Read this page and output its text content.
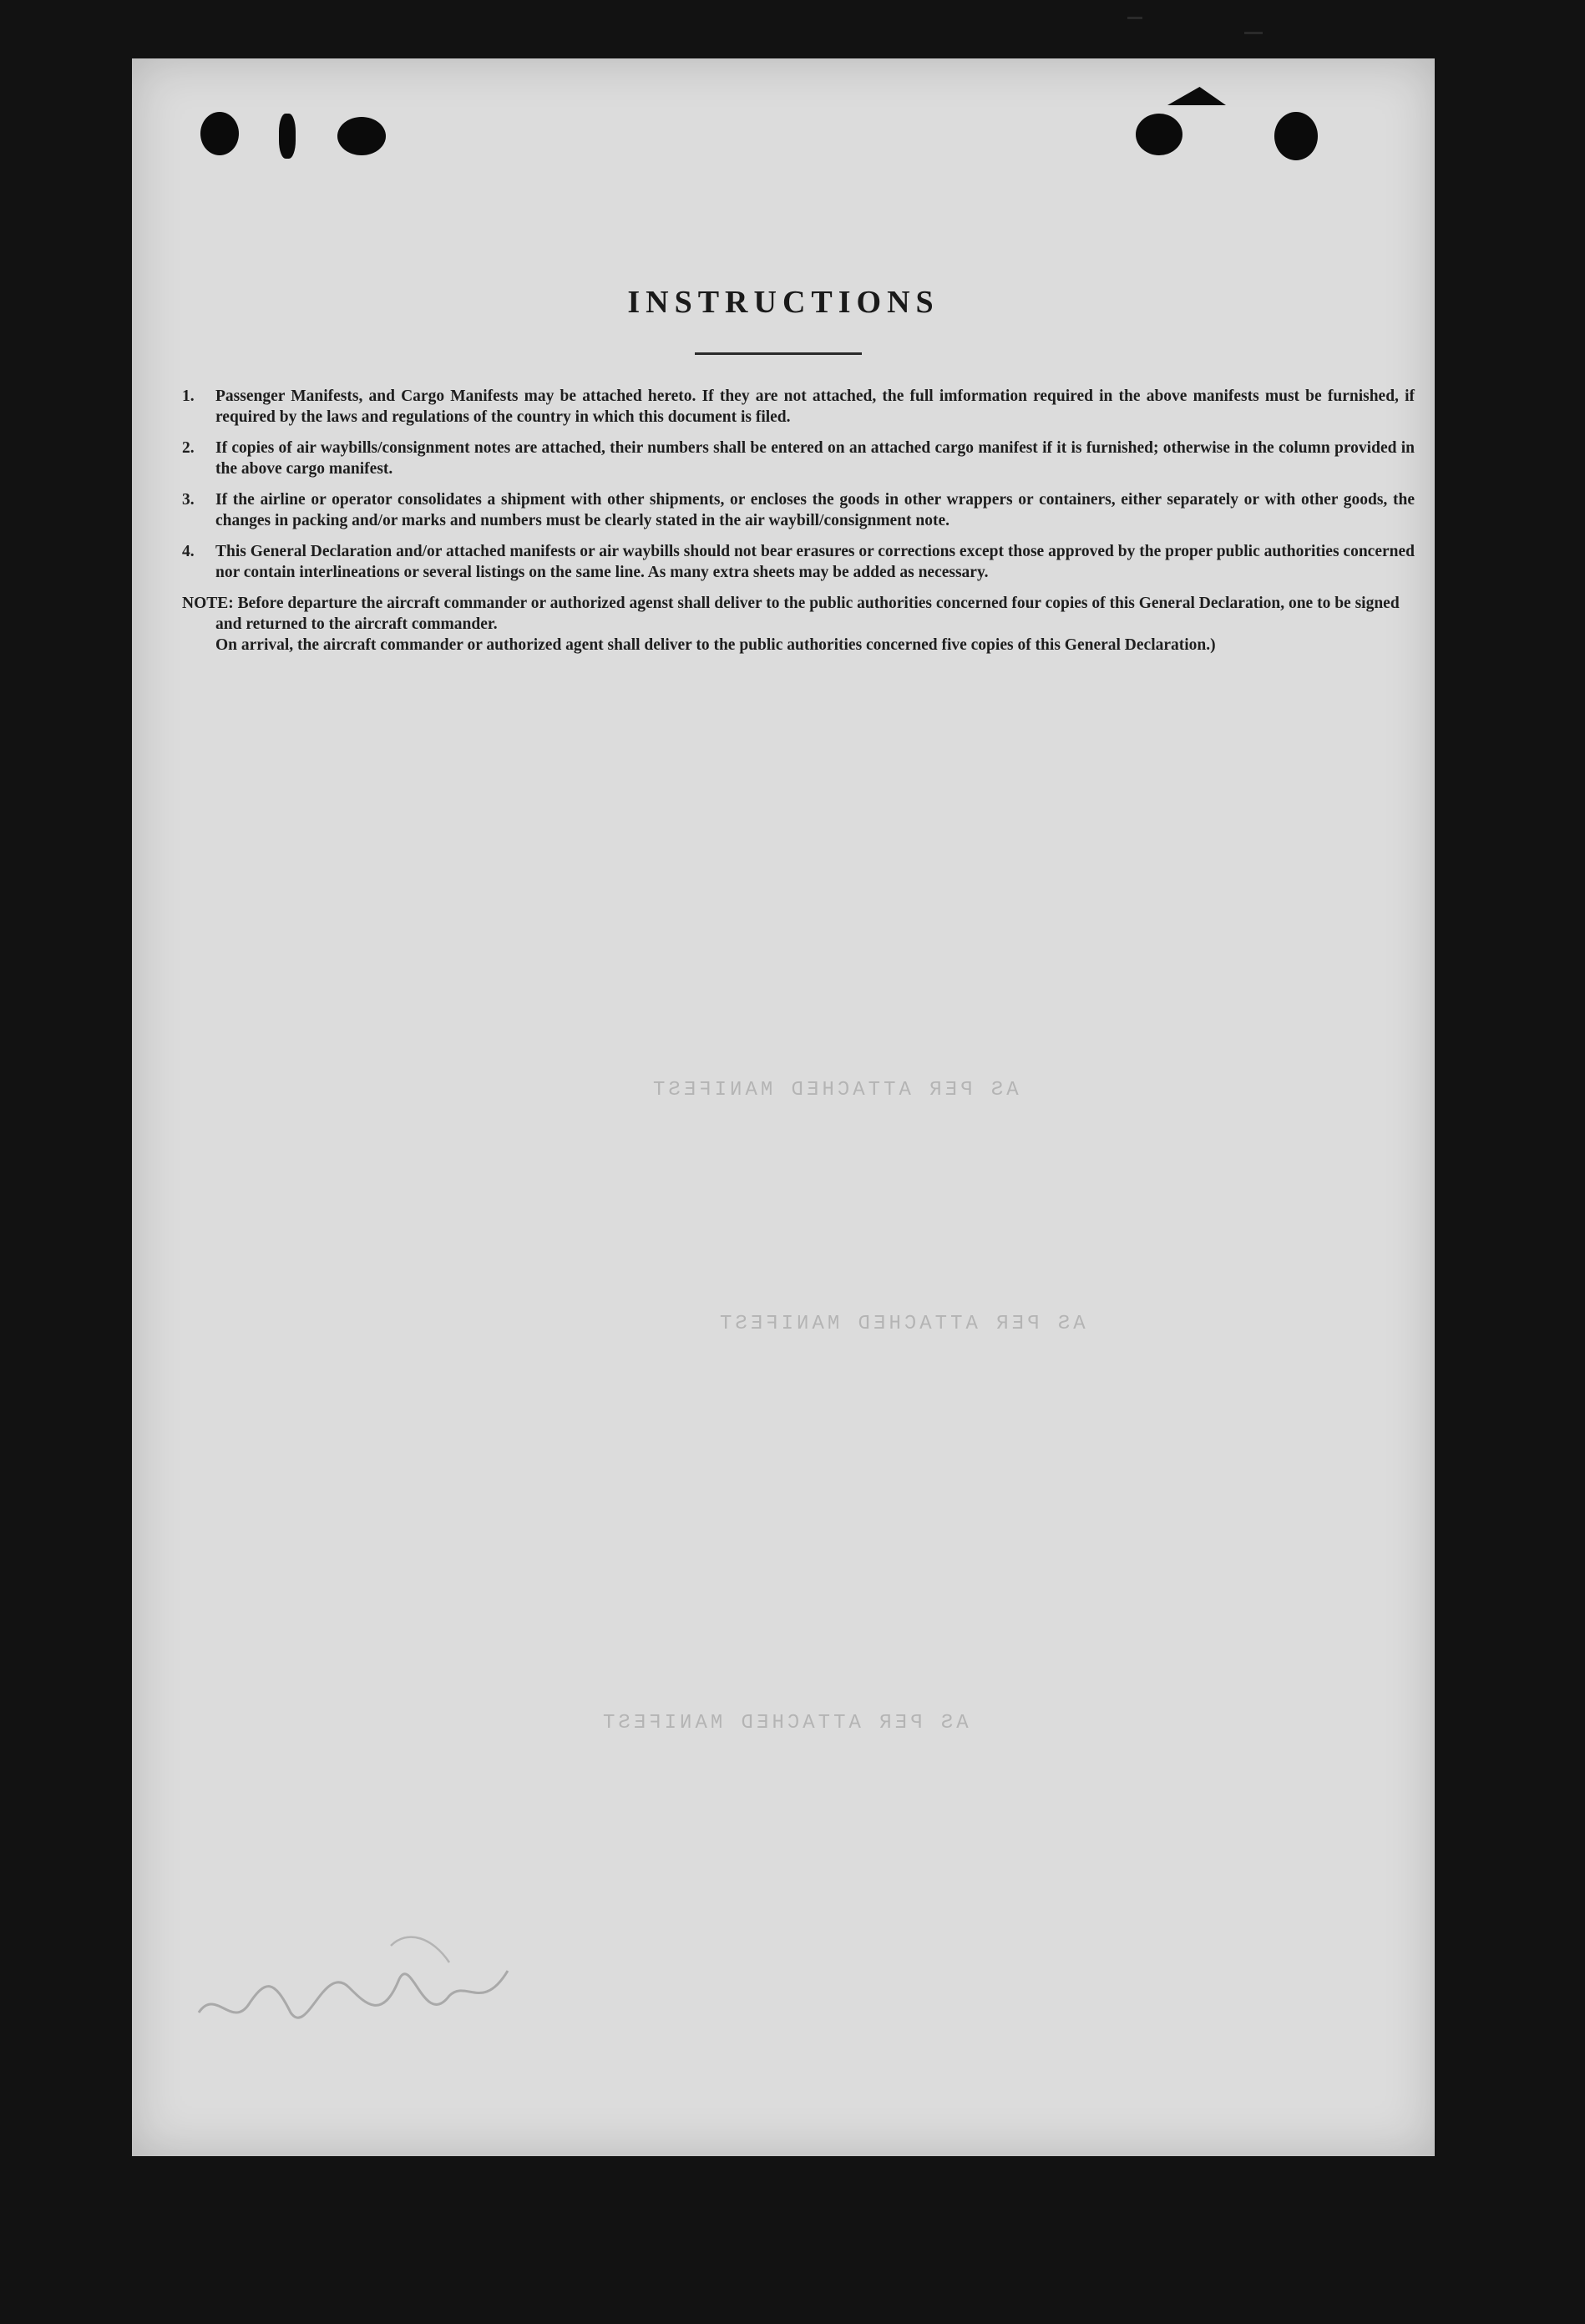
AS PER ATTACHED MANIFEST
AS PER ATTACHED MANIFEST
AS PER ATTACHED MANIFEST
INSTRUCTIONS
1.	Passenger Manifests, and Cargo Manifests may be attached hereto. If they are not attached, the full imformation required in the above manifests must be furnished, if required by the laws and regulations of the country in which this document is filed.
2.	If copies of air waybills/consignment notes are attached, their numbers shall be entered on an attached cargo manifest if it is furnished; otherwise in the column provided in the above cargo manifest.
3.	If the airline or operator consolidates a shipment with other shipments, or encloses the goods in other wrappers or containers, either separately or with other goods, the changes in packing and/or marks and numbers must be clearly stated in the air waybill/consignment note.
4.	This General Declaration and/or attached manifests or air waybills should not bear erasures or corrections except those approved by the proper public authorities concerned nor contain interlineations or several listings on the same line. As many extra sheets may be added as necessary.
NOTE: Before departure the aircraft commander or authorized agenst shall deliver to the public authorities concerned four copies of this General Declaration, one to be signed and returned to the aircraft commander.
On arrival, the aircraft commander or authorized agent shall deliver to the public authorities concerned five copies of this General Declaration.)
